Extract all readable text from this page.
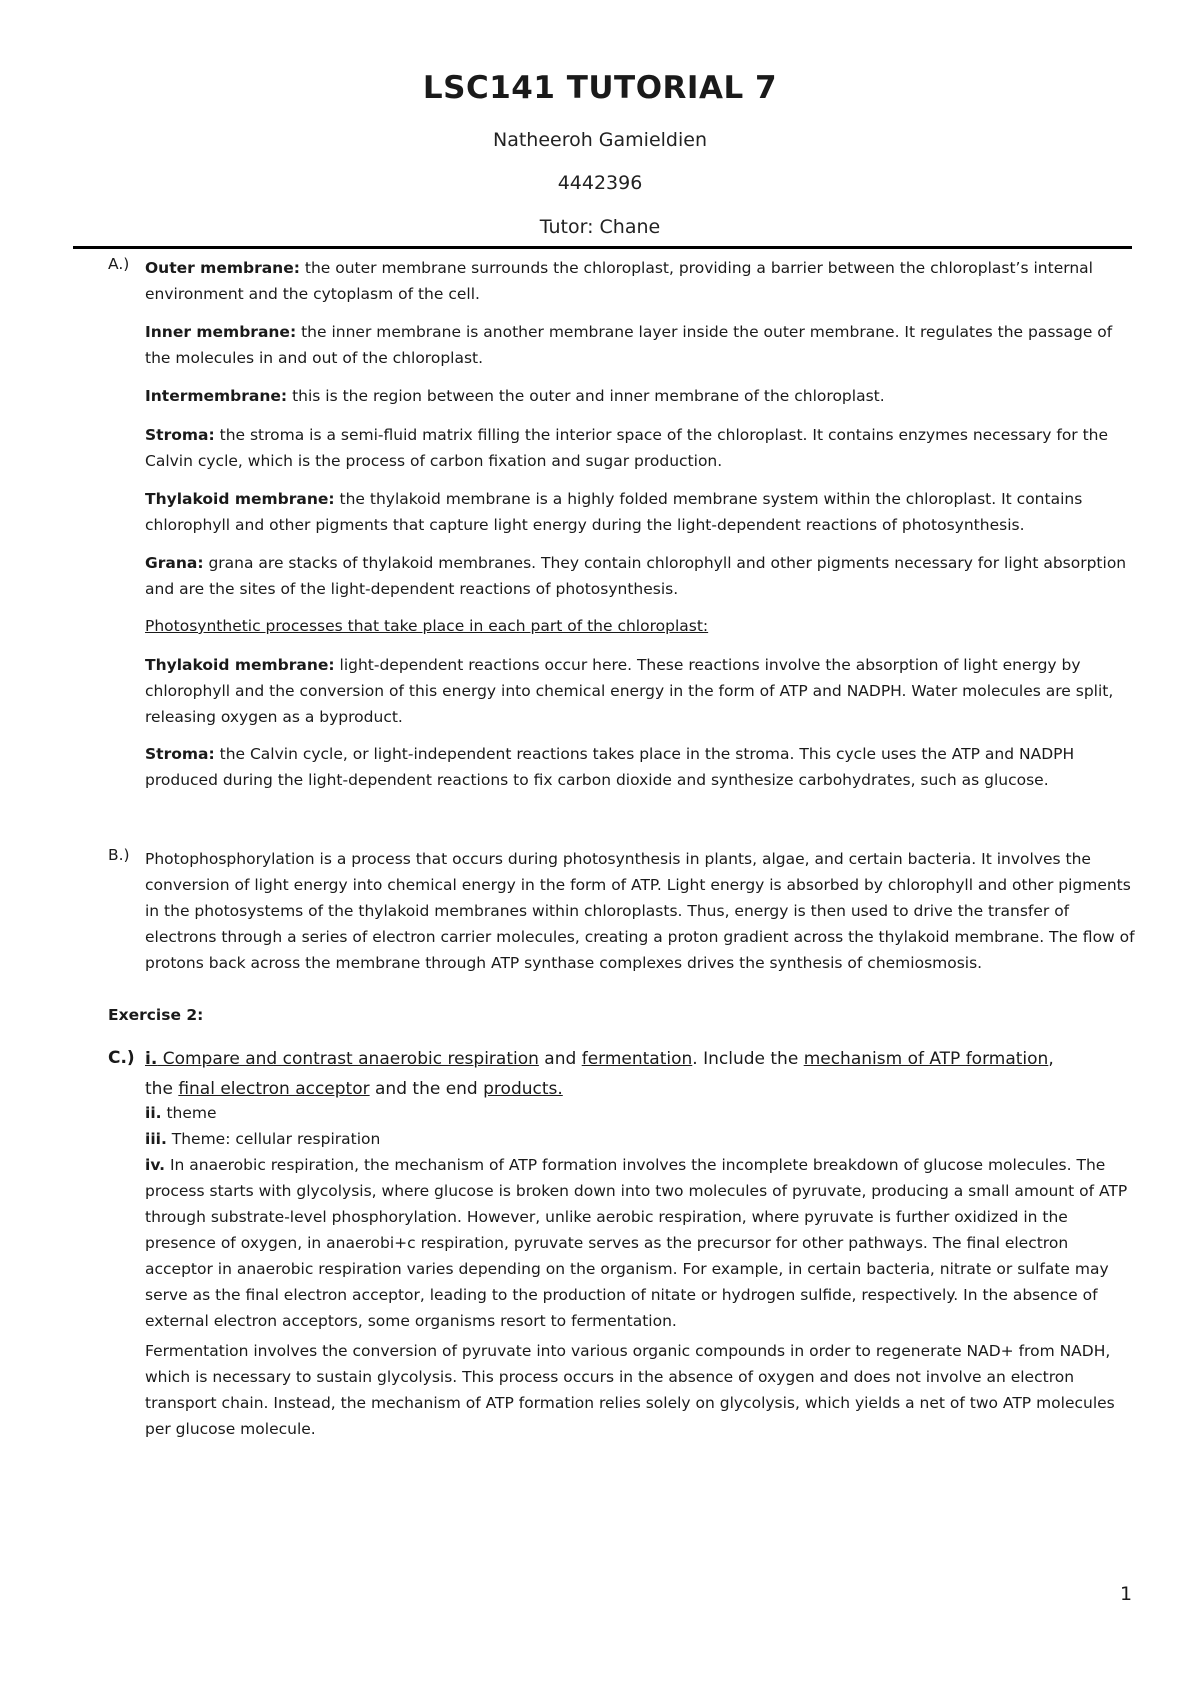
LSC141 TUTORIAL 7
Natheeroh Gamieldien
4442396
Tutor: Chane
A.) Outer membrane: the outer membrane surrounds the chloroplast, providing a barrier between the chloroplast’s internal environment and the cytoplasm of the cell.
Inner membrane: the inner membrane is another membrane layer inside the outer membrane. It regulates the passage of the molecules in and out of the chloroplast.
Intermembrane: this is the region between the outer and inner membrane of the chloroplast.
Stroma: the stroma is a semi-fluid matrix filling the interior space of the chloroplast. It contains enzymes necessary for the Calvin cycle, which is the process of carbon fixation and sugar production.
Thylakoid membrane: the thylakoid membrane is a highly folded membrane system within the chloroplast. It contains chlorophyll and other pigments that capture light energy during the light-dependent reactions of photosynthesis.
Grana: grana are stacks of thylakoid membranes. They contain chlorophyll and other pigments necessary for light absorption and are the sites of the light-dependent reactions of photosynthesis.
Photosynthetic processes that take place in each part of the chloroplast:
Thylakoid membrane: light-dependent reactions occur here. These reactions involve the absorption of light energy by chlorophyll and the conversion of this energy into chemical energy in the form of ATP and NADPH. Water molecules are split, releasing oxygen as a byproduct.
Stroma: the Calvin cycle, or light-independent reactions takes place in the stroma. This cycle uses the ATP and NADPH produced during the light-dependent reactions to fix carbon dioxide and synthesize carbohydrates, such as glucose.
B.) Photophosphorylation is a process that occurs during photosynthesis in plants, algae, and certain bacteria. It involves the conversion of light energy into chemical energy in the form of ATP. Light energy is absorbed by chlorophyll and other pigments in the photosystems of the thylakoid membranes within chloroplasts. Thus, energy is then used to drive the transfer of electrons through a series of electron carrier molecules, creating a proton gradient across the thylakoid membrane. The flow of protons back across the membrane through ATP synthase complexes drives the synthesis of chemiosmosis.
Exercise 2:
C.) i. Compare and contrast anaerobic respiration and fermentation. Include the mechanism of ATP formation,
the final electron acceptor and the end products.
ii. theme
iii. Theme: cellular respiration
iv. In anaerobic respiration, the mechanism of ATP formation involves the incomplete breakdown of glucose molecules. The process starts with glycolysis, where glucose is broken down into two molecules of pyruvate, producing a small amount of ATP through substrate-level phosphorylation. However, unlike aerobic respiration, where pyruvate is further oxidized in the presence of oxygen, in anaerobi+c respiration, pyruvate serves as the precursor for other pathways. The final electron acceptor in anaerobic respiration varies depending on the organism. For example, in certain bacteria, nitrate or sulfate may serve as the final electron acceptor, leading to the production of nitate or hydrogen sulfide, respectively. In the absence of external electron acceptors, some organisms resort to fermentation.
Fermentation involves the conversion of pyruvate into various organic compounds in order to regenerate NAD+ from NADH, which is necessary to sustain glycolysis. This process occurs in the absence of oxygen and does not involve an electron transport chain. Instead, the mechanism of ATP formation relies solely on glycolysis, which yields a net of two ATP molecules per glucose molecule.
1
